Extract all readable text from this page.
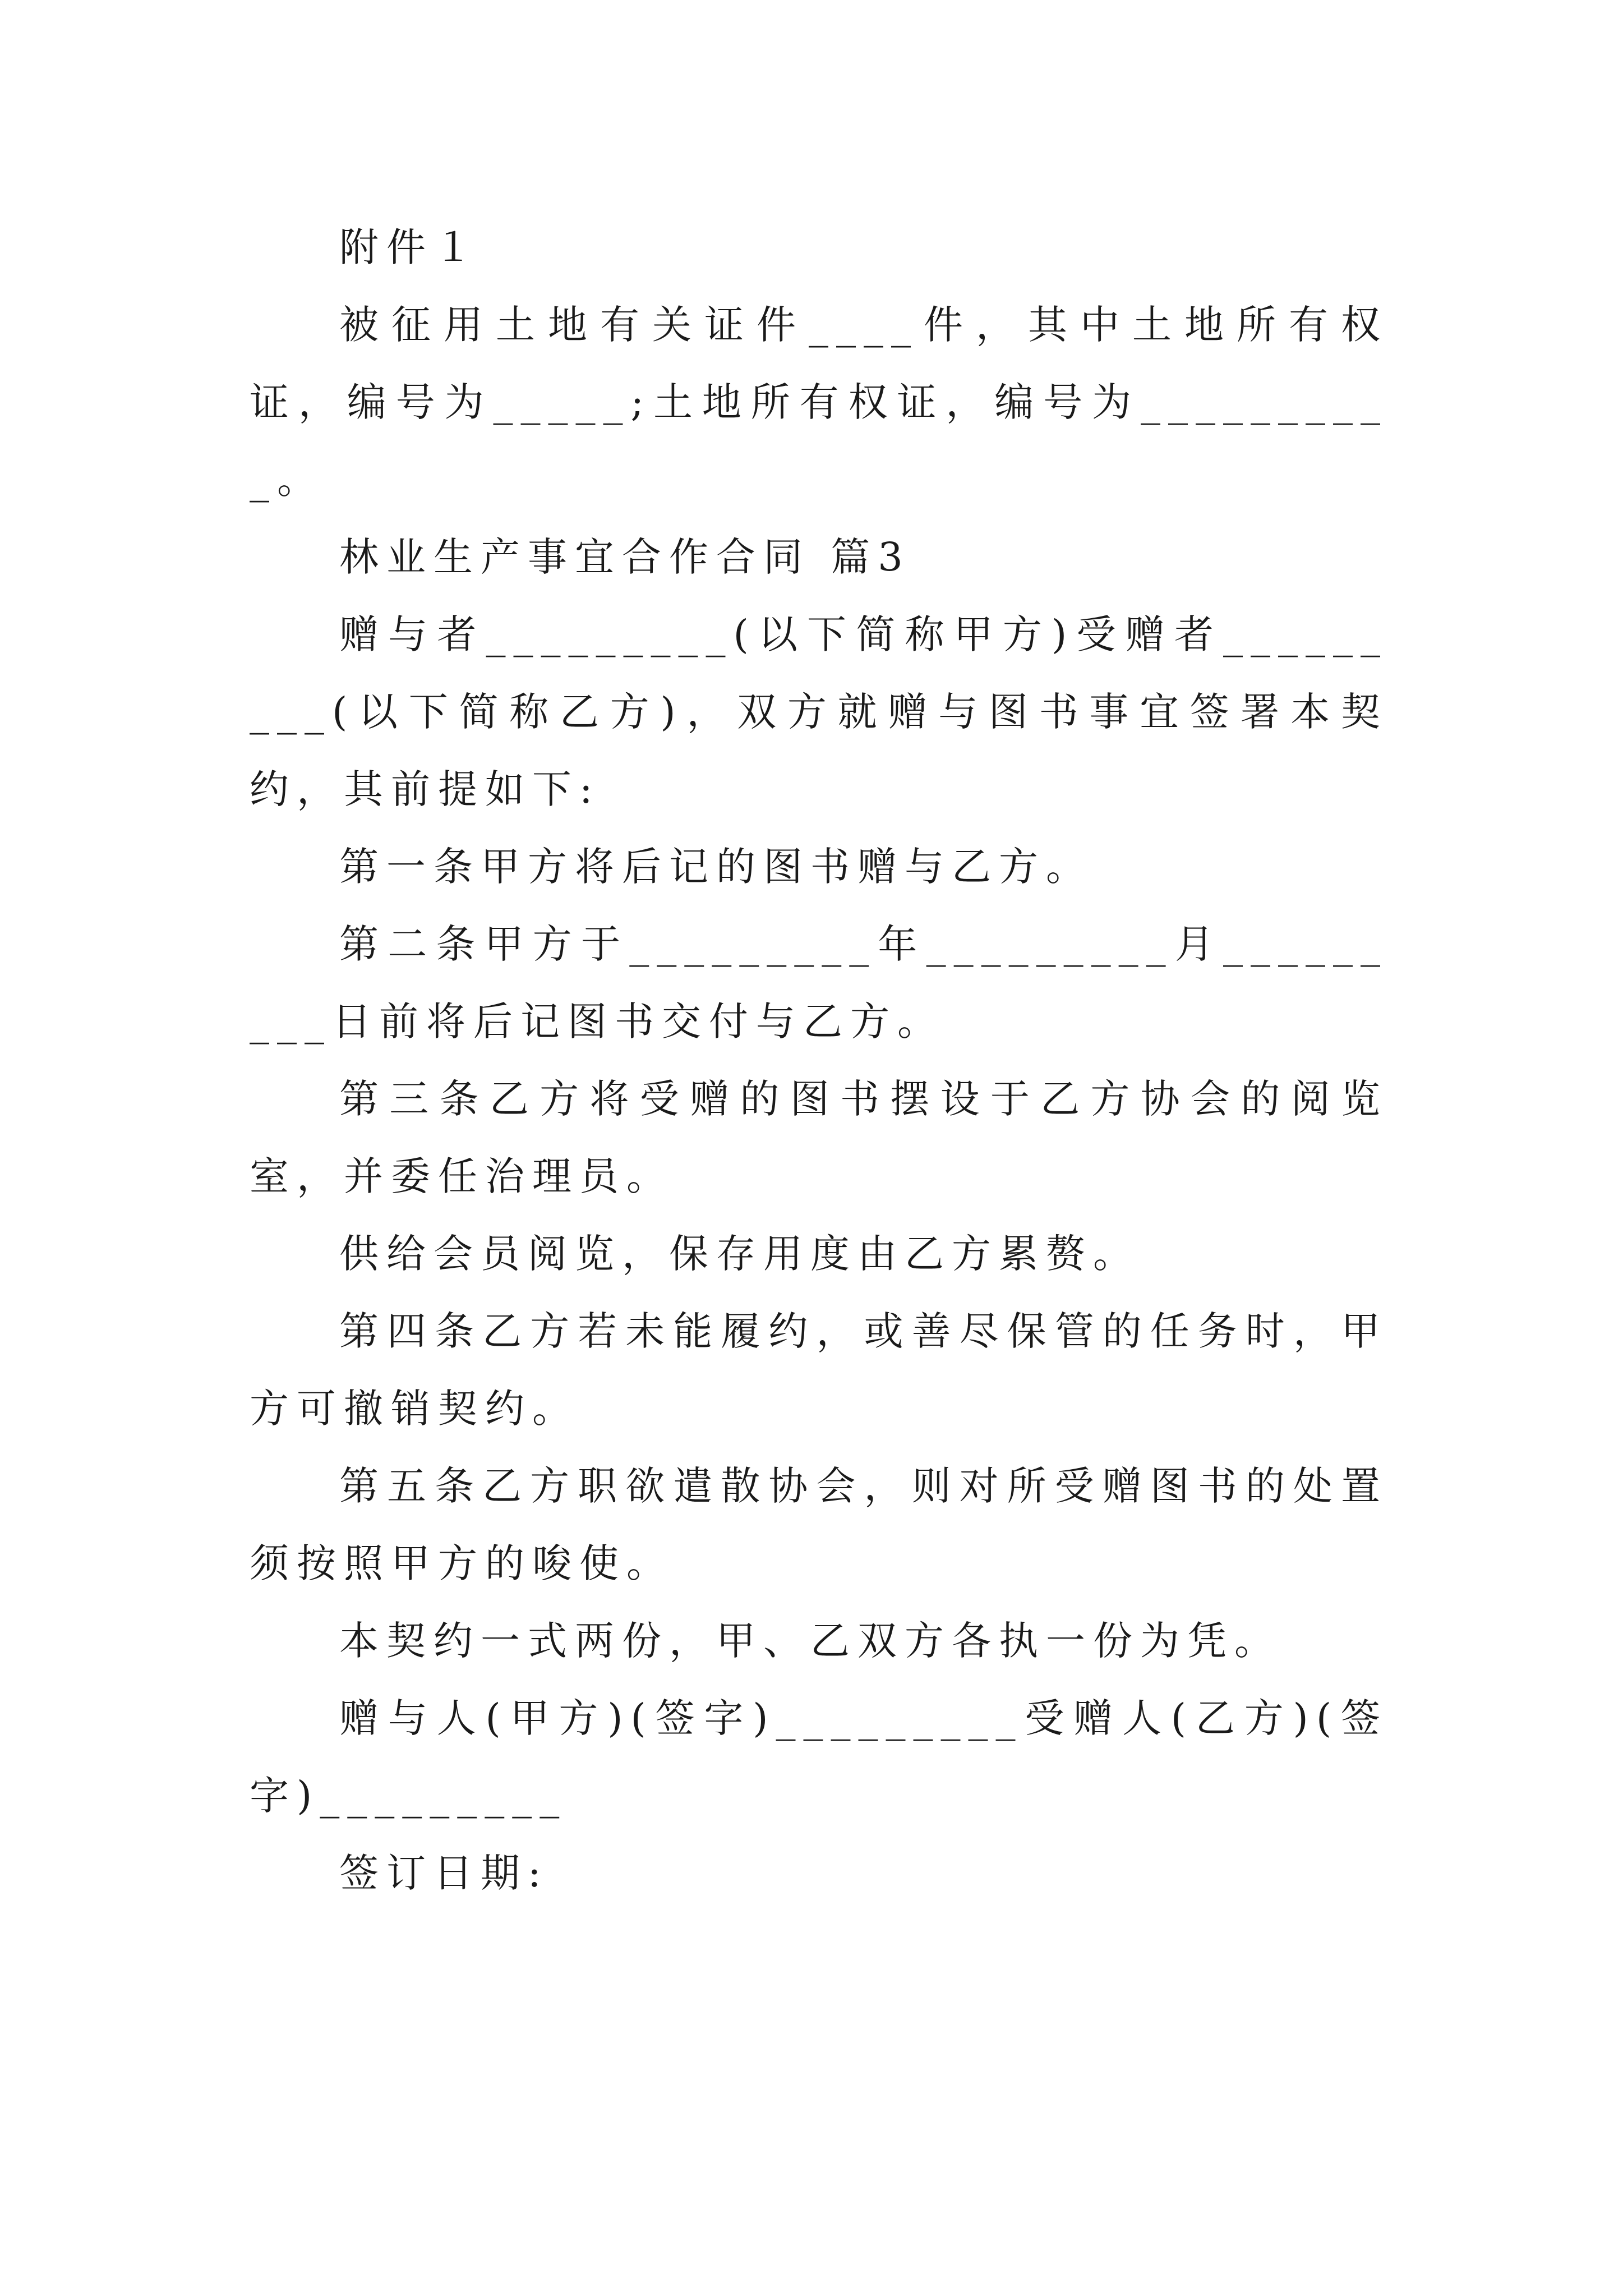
附件１

被征用土地有关证件____件，其中土地所有权证，编号为_____;土地所有权证，编号为__________。

林业生产事宜合作合同 篇3

赠与者_________(以下简称甲方)受赠者_________(以下简称乙方)，双方就赠与图书事宜签署本契约，其前提如下:

第一条甲方将后记的图书赠与乙方。

第二条甲方于_________年_________月_________日前将后记图书交付与乙方。

第三条乙方将受赠的图书摆设于乙方协会的阅览室，并委任治理员。

供给会员阅览，保存用度由乙方累赘。

第四条乙方若未能履约，或善尽保管的任务时，甲方可撤销契约。

第五条乙方职欲遣散协会，则对所受赠图书的处置须按照甲方的唆使。

本契约一式两份，甲、乙双方各执一份为凭。

赠与人(甲方)(签字)_________受赠人(乙方)(签字)_________

签订日期:
